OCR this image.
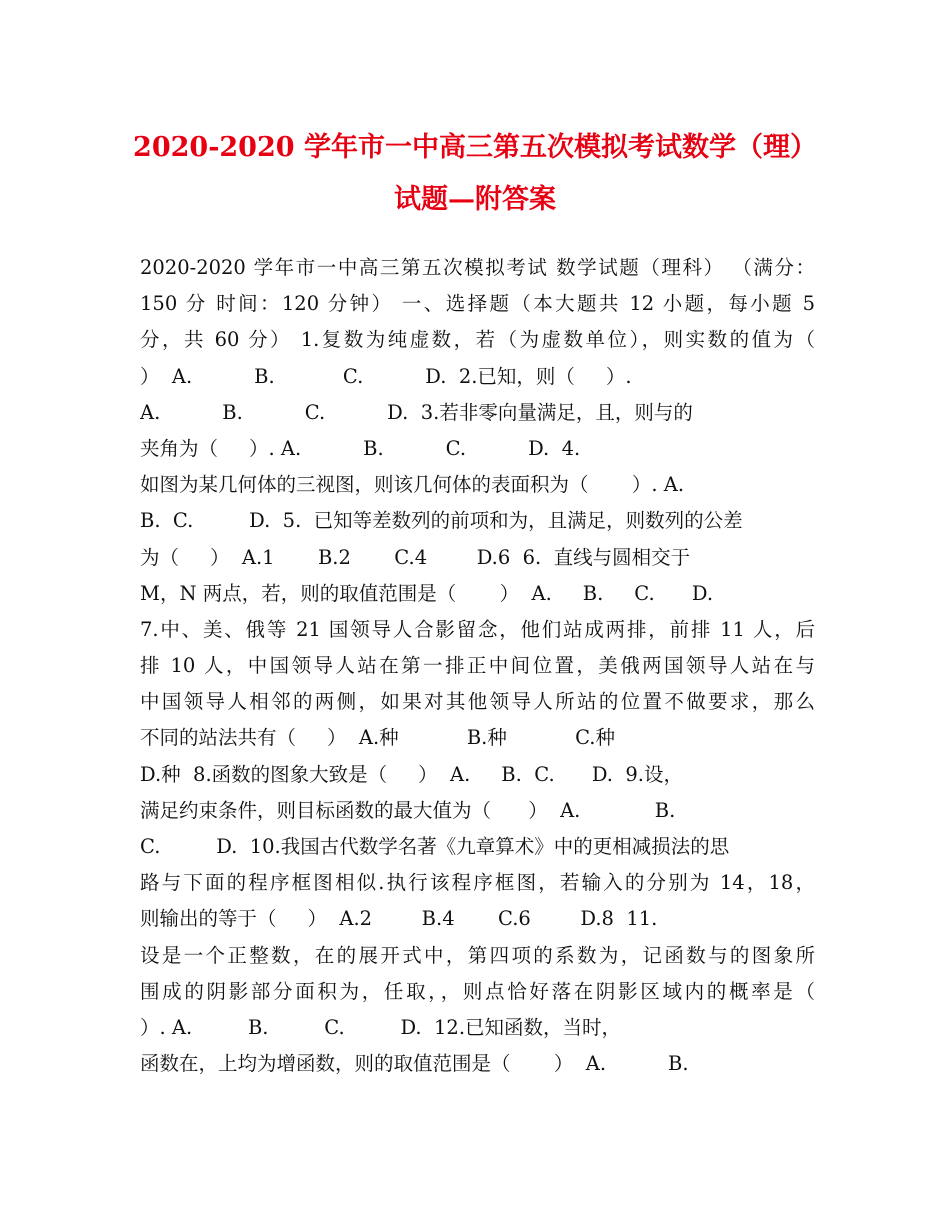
2020-2020 学年市一中高三第五次模拟考试数学（理）
试题—附答案
2020-2020 学年市一中高三第五次模拟考试 数学试题（理科） （满分：
150 分 时间：120 分钟） 一、选择题（本大题共 12 小题，每小题 5
分，共 60 分） 1.复数为纯虚数，若（为虚数单位），则实数的值为（
）  A.          B.           C.          D.  2.已知，则（     ）.
A.          B.          C.          D.  3.若非零向量满足，且，则与的
夹角为（     ）. A.          B.          C.          D.  4.
如图为某几何体的三视图，则该几何体的表面积为（       ）. A.
B.  C.         D.  5.  已知等差数列的前项和为，且满足，则数列的公差
为（     ）  A.1       B.2       C.4        D.6  6.  直线与圆相交于
M，N 两点，若，则的取值范围是（       ）  A.     B.     C.      D.
7.中、美、俄等 21 国领导人合影留念，他们站成两排，前排 11 人，后
排 10 人，中国领导人站在第一排正中间位置，美俄两国领导人站在与
中国领导人相邻的两侧，如果对其他领导人所站的位置不做要求，那么
不同的站法共有（     ）  A.种           B.种           C.种
D.种  8.函数的图象大致是（     ）  A.     B.  C.      D.  9.设，
满足约束条件，则目标函数的最大值为（      ）  A.            B.
C.         D.  10.我国古代数学名著《九章算术》中的更相减损法的思
路与下面的程序框图相似.执行该程序框图，若输入的分别为 14，18，
则输出的等于（     ）  A.2        B.4       C.6        D.8  11.
设是一个正整数，在的展开式中，第四项的系数为，记函数与的图象所
围成的阴影部分面积为，任取，，则点恰好落在阴影区域内的概率是（
）. A.         B.         C.         D.  12.已知函数，当时，
函数在，上均为增函数，则的取值范围是（       ）  A.          B.
